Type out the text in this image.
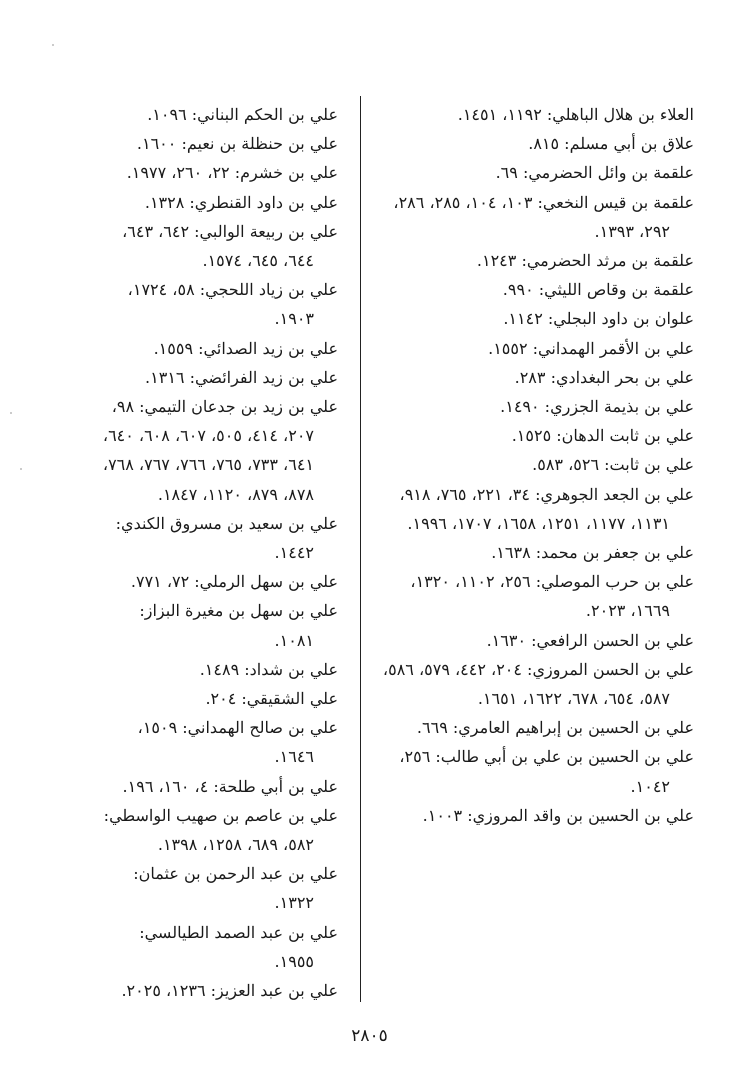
العلاء بن هلال الباهلي: ١١٩٢، ١٤٥١.

علاق بن أبي مسلم: ٨١٥.

علقمة بن وائل الحضرمي: ٦٩.

علقمة بن قيس النخعي: ١٠٣، ١٠٤، ٢٨٥، ٢٨٦، ٢٩٢، ١٣٩٣.

علقمة بن مرثد الحضرمي: ١٢٤٣.

علقمة بن وقاص الليثي: ٩٩٠.

علوان بن داود البجلي: ١١٤٢.

علي بن الأقمر الهمداني: ١٥٥٢.

علي بن بحر البغدادي: ٢٨٣.

علي بن بذيمة الجزري: ١٤٩٠.

علي بن ثابت الدهان: ١٥٢٥.

علي بن ثابت: ٥٢٦، ٥٨٣.

علي بن الجعد الجوهري: ٣٤، ٢٢١، ٧٦٥، ٩١٨، ١١٣١، ١١٧٧، ١٢٥١، ١٦٥٨، ١٧٠٧، ١٩٩٦.

علي بن جعفر بن محمد: ١٦٣٨.

علي بن حرب الموصلي: ٢٥٦، ١١٠٢، ١٣٢٠، ١٦٦٩، ٢٠٢٣.

علي بن الحسن الرافعي: ١٦٣٠.

علي بن الحسن المروزي: ٢٠٤، ٤٤٢، ٥٧٩، ٥٨٦، ٥٨٧، ٦٥٤، ٦٧٨، ١٦٢٢، ١٦٥١.

علي بن الحسين بن إبراهيم العامري: ٦٦٩.

علي بن الحسين بن علي بن أبي طالب: ٢٥٦، ١٠٤٢.

علي بن الحسين بن واقد المروزي: ١٠٠٣.

علي بن الحكم البناني: ١٠٩٦.

علي بن حنظلة بن نعيم: ١٦٠٠.

علي بن خشرم: ٢٢، ٢٦٠، ١٩٧٧.

علي بن داود القنطري: ١٣٢٨.

علي بن ربيعة الوالبي: ٦٤٢، ٦٤٣، ٦٤٤، ٦٤٥، ١٥٧٤.

علي بن زياد اللحجي: ٥٨، ١٧٢٤، ١٩٠٣.

علي بن زيد الصدائي: ١٥٥٩.

علي بن زيد الفرائضي: ١٣١٦.

علي بن زيد بن جدعان التيمي: ٩٨، ٢٠٧، ٤١٤، ٥٠٥، ٦٠٧، ٦٠٨، ٦٤٠، ٦٤١، ٧٣٣، ٧٦٥، ٧٦٦، ٧٦٧، ٧٦٨، ٨٧٨، ٨٧٩، ١١٢٠، ١٨٤٧.

علي بن سعيد بن مسروق الكندي: ١٤٤٢.

علي بن سهل الرملي: ٧٢، ٧٧١.

علي بن سهل بن مغيرة البزاز: ١٠٨١.

علي بن شداد: ١٤٨٩.

علي الشقيقي: ٢٠٤.

علي بن صالح الهمداني: ١٥٠٩، ١٦٤٦.

علي بن أبي طلحة: ٤، ١٦٠، ١٩٦.

علي بن عاصم بن صهيب الواسطي: ٥٨٢، ٦٨٩، ١٢٥٨، ١٣٩٨.

علي بن عبد الرحمن بن عثمان: ١٣٢٢.

علي بن عبد الصمد الطيالسي: ١٩٥٥.

علي بن عبد العزيز: ١٢٣٦، ٢٠٢٥.

٢٨٠٥
